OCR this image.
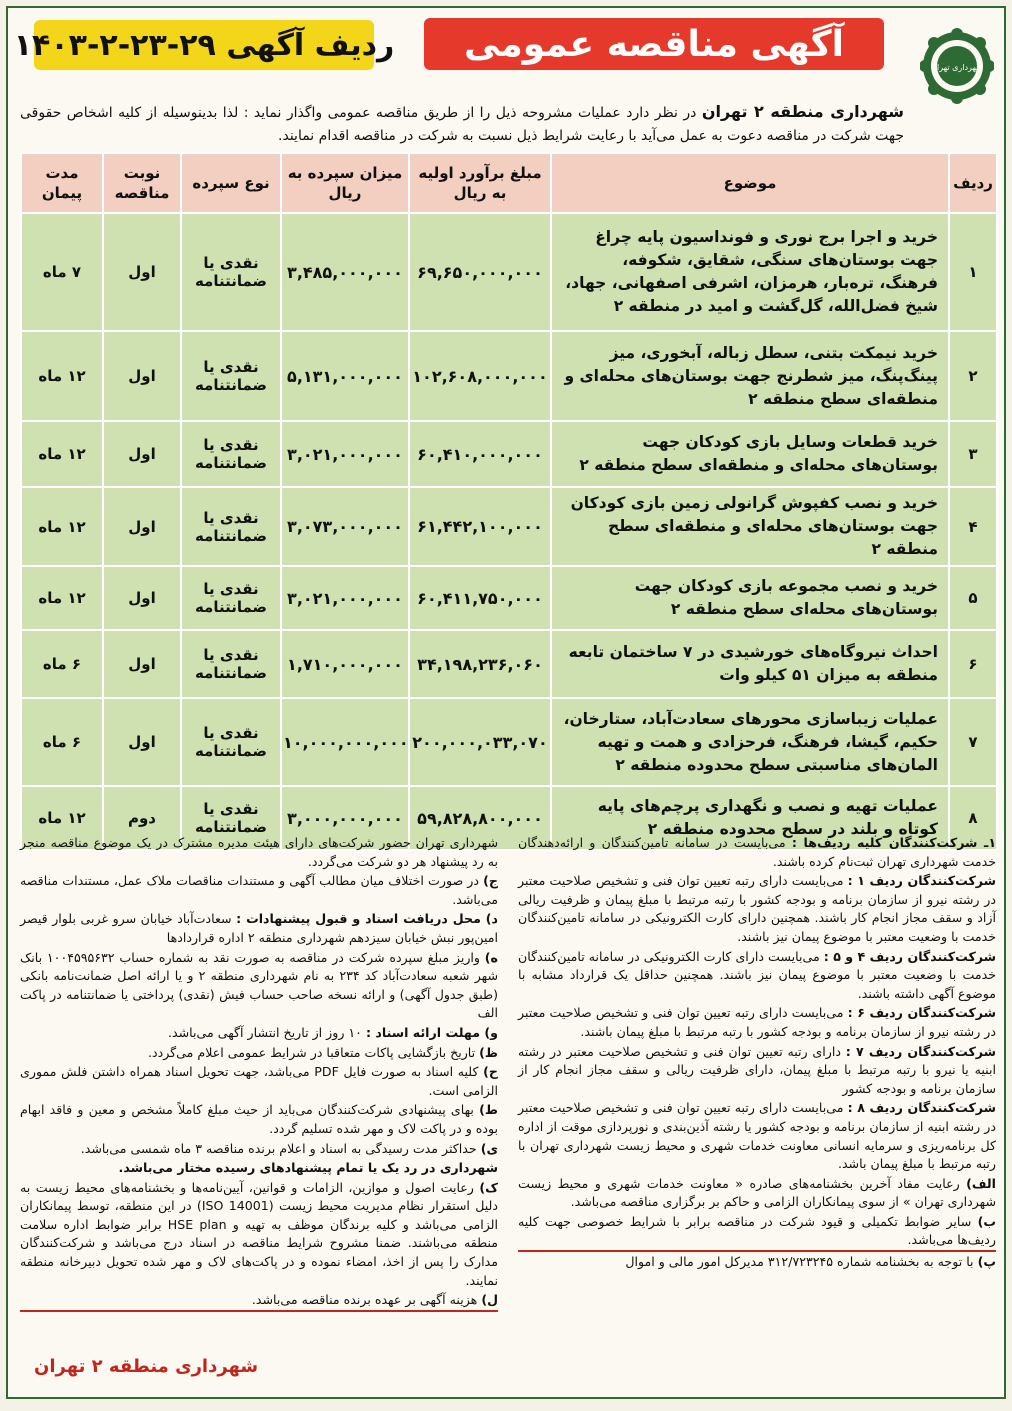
شهرداری تهران
آگهی مناقصه عمومی
ردیف آگهی ۲۹-۲۳-۲-۱۴۰۳
شهرداری منطقه ۲ تهران در نظر دارد عملیات مشروحه ذیل را از طریق مناقصه عمومی واگذار نماید : لذا بدینوسیله از کلیه اشخاص حقوقی جهت شرکت در مناقصه دعوت به عمل می‌آید با رعایت شرایط ذیل نسبت به شرکت در مناقصه اقدام نمایند.
ردیف	موضوع	مبلغ برآورد اولیه به ریال	میزان سپرده به ریال	نوع سپرده	نوبت مناقصه	مدت پیمان
۱	خرید و اجرا برج نوری و فونداسیون پایه چراغ جهت بوستان‌های سنگی، شقایق، شکوفه، فرهنگ، تره‌بار، هرمزان، اشرفی اصفهانی، جهاد، شیخ فضل‌الله، گل‌گشت و امید در منطقه ۲	۶۹,۶۵۰,۰۰۰,۰۰۰	۳,۴۸۵,۰۰۰,۰۰۰	نقدی یا ضمانتنامه	اول	۷ ماه
۲	خرید نیمکت بتنی، سطل زباله، آبخوری، میز پینگ‌پنگ، میز شطرنج جهت بوستان‌های محله‌ای و منطقه‌ای سطح منطقه ۲	۱۰۲,۶۰۸,۰۰۰,۰۰۰	۵,۱۳۱,۰۰۰,۰۰۰	نقدی یا ضمانتنامه	اول	۱۲ ماه
۳	خرید قطعات وسایل بازی کودکان جهت بوستان‌های محله‌ای و منطقه‌ای سطح منطقه ۲	۶۰,۴۱۰,۰۰۰,۰۰۰	۳,۰۲۱,۰۰۰,۰۰۰	نقدی یا ضمانتنامه	اول	۱۲ ماه
۴	خرید و نصب کفپوش گرانولی زمین بازی کودکان جهت بوستان‌های محله‌ای و منطقه‌ای سطح منطقه ۲	۶۱,۴۴۲,۱۰۰,۰۰۰	۳,۰۷۳,۰۰۰,۰۰۰	نقدی یا ضمانتنامه	اول	۱۲ ماه
۵	خرید و نصب مجموعه بازی کودکان جهت بوستان‌های محله‌ای سطح منطقه ۲	۶۰,۴۱۱,۷۵۰,۰۰۰	۳,۰۲۱,۰۰۰,۰۰۰	نقدی یا ضمانتنامه	اول	۱۲ ماه
۶	احداث نیروگاه‌های خورشیدی در ۷ ساختمان تابعه منطقه به میزان ۵۱ کیلو وات	۳۴,۱۹۸,۲۳۶,۰۶۰	۱,۷۱۰,۰۰۰,۰۰۰	نقدی یا ضمانتنامه	اول	۶ ماه
۷	عملیات زیباسازی محورهای سعادت‌آباد، ستارخان، حکیم، گیشا، فرهنگ، فرحزادی و همت و تهیه المان‌های مناسبتی سطح محدوده منطقه ۲	۲۰۰,۰۰۰,۰۳۳,۰۷۰	۱۰,۰۰۰,۰۰۰,۰۰۰	نقدی یا ضمانتنامه	اول	۶ ماه
۸	عملیات تهیه و نصب و نگهداری پرچم‌های پایه کوتاه و بلند در سطح محدوده منطقه ۲	۵۹,۸۲۸,۸۰۰,۰۰۰	۳,۰۰۰,۰۰۰,۰۰۰	نقدی یا ضمانتنامه	دوم	۱۲ ماه

۱ـ شرکت‌کنندگان کلیه ردیف‌ها : می‌بایست در سامانه تامین‌کنندگان و ارائه‌دهندگان خدمت شهرداری تهران ثبت‌نام کرده باشند.

شرکت‌کنندگان ردیف ۱ : می‌بایست دارای رتبه تعیین توان فنی و تشخیص صلاحیت معتبر در رشته نیرو از سازمان برنامه و بودجه کشور با رتبه مرتبط با مبلغ پیمان و ظرفیت ریالی آزاد و سقف مجاز انجام کار باشند. همچنین دارای کارت الکترونیکی در سامانه تامین‌کنندگان خدمت با وضعیت معتبر با موضوع پیمان نیز باشند.

شرکت‌کنندگان ردیف ۴ و ۵ : می‌بایست دارای کارت الکترونیکی در سامانه تامین‌کنندگان خدمت با وضعیت معتبر با موضوع پیمان نیز باشند. همچنین حداقل یک قرارداد مشابه با موضوع آگهی داشته باشند.

شرکت‌کنندگان ردیف ۶ : می‌بایست دارای رتبه تعیین توان فنی و تشخیص صلاحیت معتبر در رشته نیرو از سازمان برنامه و بودجه کشور با رتبه مرتبط با مبلغ پیمان باشند.

شرکت‌کنندگان ردیف ۷ : دارای رتبه تعیین توان فنی و تشخیص صلاحیت معتبر در رشته ابنیه یا نیرو با رتبه مرتبط با مبلغ پیمان، دارای ظرفیت ریالی و سقف مجاز انجام کار از سازمان برنامه و بودجه کشور

شرکت‌کنندگان ردیف ۸ : می‌بایست دارای رتبه تعیین توان فنی و تشخیص صلاحیت معتبر در رشته ابنیه از سازمان برنامه و بودجه کشور یا رشته آذین‌بندی و نورپردازی موقت از اداره کل برنامه‌ریزی و سرمایه انسانی معاونت خدمات شهری و محیط زیست شهرداری تهران با رتبه مرتبط با مبلغ پیمان باشد.

الف) رعایت مفاد آخرین بخشنامه‌های صادره « معاونت خدمات شهری و محیط زیست شهرداری تهران » از سوی پیمانکاران الزامی و حاکم بر برگزاری مناقصه می‌باشد.

ب) سایر ضوابط تکمیلی و قیود شرکت در مناقصه برابر با شرایط خصوصی جهت کلیه ردیف‌ها می‌باشد.

پ) با توجه به بخشنامه شماره ۳۱۲/۷۲۳۲۴۵ مدیرکل امور مالی و اموال

شهرداری تهران حضور شرکت‌های دارای هیئت مدیره مشترک در یک موضوع مناقصه منجر به رد پیشنهاد هر دو شرکت می‌گردد.

ج) در صورت اختلاف میان مطالب آگهی و مستندات مناقصات ملاک عمل، مستندات مناقصه می‌باشد.

د) محل دریافت اسناد و قبول پیشنهادات : سعادت‌آباد خیابان سرو غربی بلوار قیصر امین‌پور نبش خیابان سیزدهم شهرداری منطقه ۲ اداره قراردادها

ه) واریز مبلغ سپرده شرکت در مناقصه به صورت نقد به شماره حساب ۱۰۰۴۵۹۵۶۳۲ بانک شهر شعبه سعادت‌آباد کد ۲۳۴ به نام شهرداری منطقه ۲ و یا ارائه اصل ضمانت‌نامه بانکی (طبق جدول آگهی) و ارائه نسخه صاحب حساب فیش (نقدی) پرداختی یا ضمانتنامه در پاکت الف

و) مهلت ارائه اسناد : ۱۰ روز از تاریخ انتشار آگهی می‌باشد.

ظ) تاریخ بازگشایی پاکات متعاقبا در شرایط عمومی اعلام می‌گردد.

ح) کلیه اسناد به صورت فایل PDF می‌باشد، جهت تحویل اسناد همراه داشتن فلش مموری الزامی است.

ط) بهای پیشنهادی شرکت‌کنندگان می‌باید از حیث مبلغ کاملاً مشخص و معین و فاقد ابهام بوده و در پاکت لاک و مهر شده تسلیم گردد.

ی) حداکثر مدت رسیدگی به اسناد و اعلام برنده مناقصه ۳ ماه شمسی می‌باشد.

شهرداری در رد یک یا تمام پیشنهادهای رسیده مختار می‌باشد.

ک) رعایت اصول و موازین، الزامات و قوانین، آیین‌نامه‌ها و بخشنامه‌های محیط زیست به دلیل استقرار نظام مدیریت محیط زیست (ISO 14001) در این منطقه، توسط پیمانکاران الزامی می‌باشد و کلیه برندگان موظف به تهیه و HSE plan برابر ضوابط اداره سلامت منطقه می‌باشند. ضمنا مشروح شرایط مناقصه در اسناد درج می‌باشد و شرکت‌کنندگان مدارک را پس از اخذ، امضاء نموده و در پاکت‌های لاک و مهر شده تحویل دبیرخانه منطقه نمایند.

ل) هزینه آگهی بر عهده برنده مناقصه می‌باشد.

شهرداری منطقه ۲ تهران
